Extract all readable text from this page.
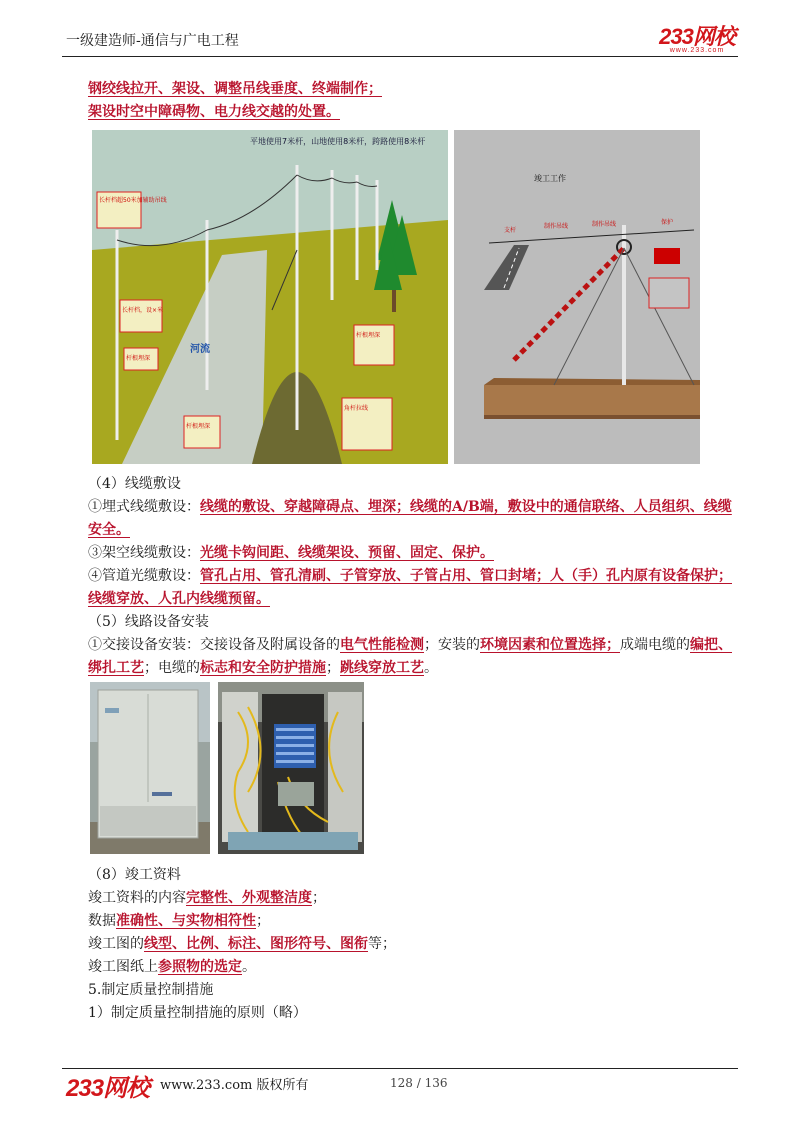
一级建造师-通信与广电工程	233网校
www.233.com
钢绞线拉开、架设、调整吊线垂度、终端制作；
架设时空中障碍物、电力线交越的处置。
平地使用7米杆，山地使用8米杆，跨路使用8米杆
长杆档超50米加辅助吊线
长杆档，设×米
杆根埋深
河流
杆根埋深
杆根埋深
角杆拉线
竣工工作
支杆
制作吊线	制作吊线	保护
（4）线缆敷设
①埋式线缆敷设：线缆的敷设、穿越障碍点、埋深；线缆的A/B端，敷设中的通信联络、人员组织、线缆安全。
③架空线缆敷设：光缆卡钩间距、线缆架设、预留、固定、保护。
④管道光缆敷设：管孔占用、管孔清刷、子管穿放、子管占用、管口封堵；人（手）孔内原有设备保护；线缆穿放、人孔内线缆预留。
（5）线路设备安装
①交接设备安装：交接设备及附属设备的电气性能检测；安装的环境因素和位置选择；成端电缆的编把、绑扎工艺；电缆的标志和安全防护措施；跳线穿放工艺。
（8）竣工资料
竣工资料的内容完整性、外观整洁度；
数据准确性、与实物相符性；
竣工图的线型、比例、标注、图形符号、图衔等；
竣工图纸上参照物的选定。
5.制定质量控制措施
1）制定质量控制措施的原则（略）
233网校 www.233.com 版权所有	128 / 136
